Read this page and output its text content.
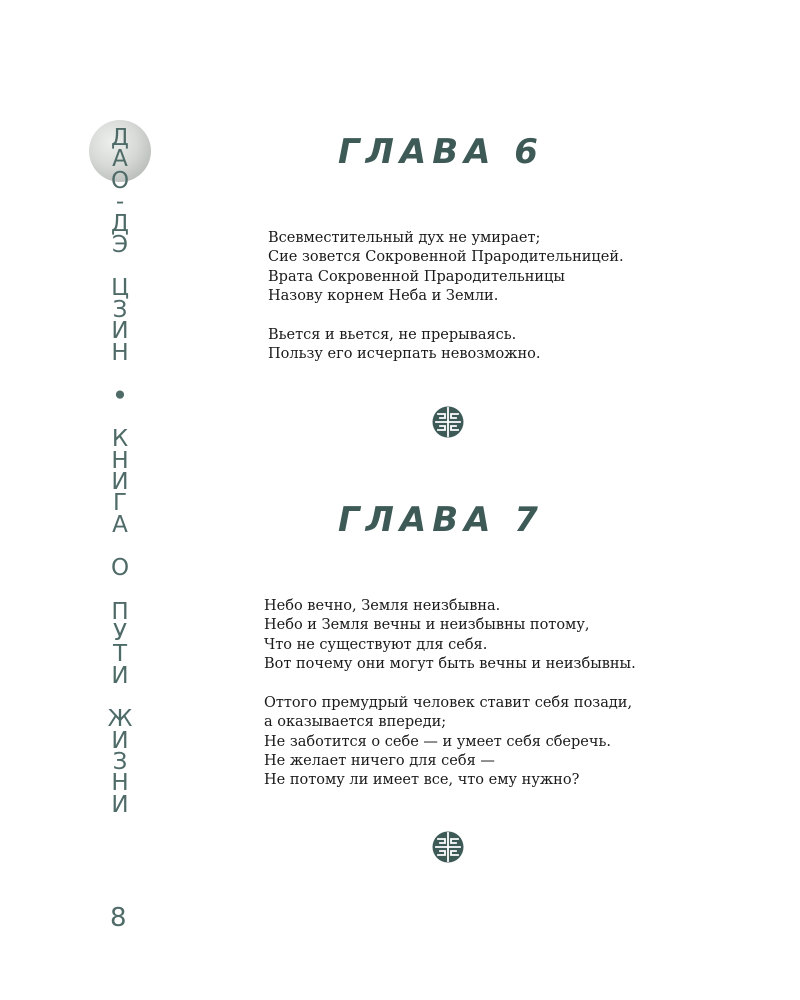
Д
А
О
-
Д
Э
Ц
З
И
Н
•
К
Н
И
Г
А
О
П
У
Т
И
Ж
И
З
Н
И
ГЛАВА 6

Всевместительный дух не умирает;

Сие зовется Сокровенной Прародительницей.

Врата Сокровенной Прародительницы

Назову корнем Неба и Земли.

Вьется и вьется, не прерываясь.

Пользу его исчерпать невозможно.

ГЛАВА 7

Небо вечно, Земля неизбывна.

Небо и Земля вечны и неизбывны потому,

Что не существуют для себя.

Вот почему они могут быть вечны и неизбывны.

Оттого премудрый человек ставит себя позади,

а оказывается впереди;

Не заботится о себе — и умеет себя сберечь.

Не желает ничего для себя —

Не потому ли имеет все, что ему нужно?

8
